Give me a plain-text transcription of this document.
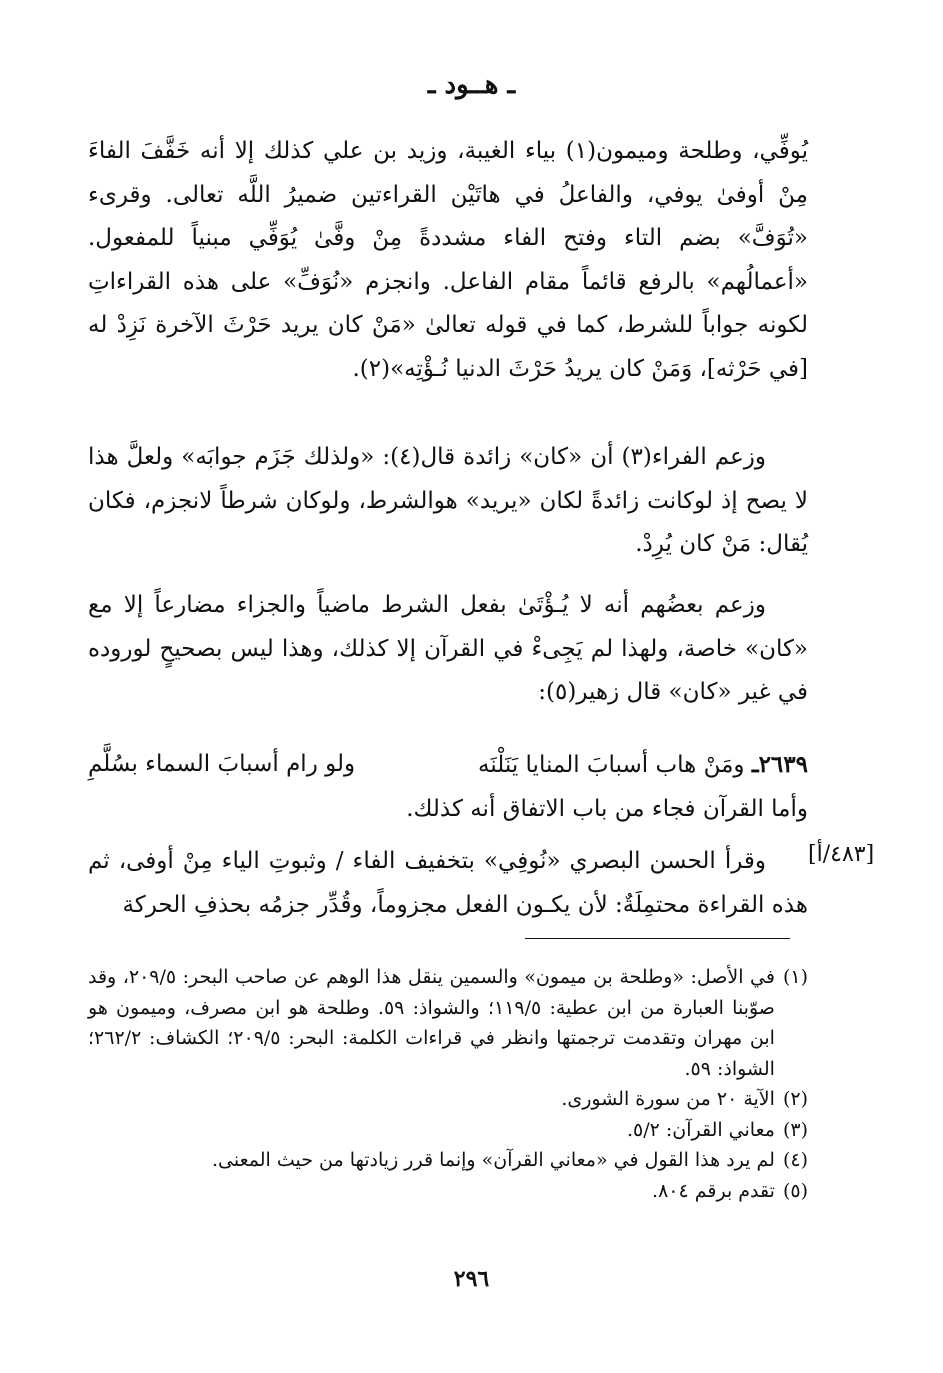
ـ هــود ـ

يُوفِّي، وطلحة وميمون(١) بياء الغيبة، وزيد بن علي كذلك إلا أنه خَفَّفَ الفاءَ مِنْ أوفىٰ يوفي، والفاعلُ في هاتَيْن القراءتين ضميرُ اللَّه تعالى. وقرىء «تُوَفَّ» بضم التاء وفتح الفاء مشددةً مِنْ وفَّىٰ يُوَفِّي مبنياً للمفعول. «أعمالُهم» بالرفع قائماً مقام الفاعل. وانجزم «نُوَفِّ» على هذه القراءاتِ لكونه جواباً للشرط، كما في قوله تعالىٰ «مَنْ كان يريد حَرْثَ الآخرة نَزِدْ له [في حَرْثه]، وَمَنْ كان يريدُ حَرْثَ الدنيا نُـؤْتِه»(٢).

وزعم الفراء(٣) أن «كان» زائدة قال(٤): «ولذلك جَزَم جوابَه» ولعلَّ هذا لا يصح إذ لوكانت زائدةً لكان «يريد» هوالشرط، ولوكان شرطاً لانجزم، فكان يُقال: مَنْ كان يُرِدْ.

وزعم بعضُهم أنه لا يُـؤْتَىٰ بفعل الشرط ماضياً والجزاء مضارعاً إلا مع «كان» خاصة، ولهذا لم يَجِىءْ في القرآن إلا كذلك، وهذا ليس بصحيحٍ لوروده في غير «كان» قال زهير(٥):

٢٦٣٩ـ ومَنْ هاب أسبابَ المنايا يَنَلْنَه
ولو رام أسبابَ السماء بسُلَّمِ

وأما القرآن فجاء من باب الاتفاق أنه كذلك.

[٤٨٣/أ]

وقرأ الحسن البصري «نُوفِي» بتخفيف الفاء / وثبوتِ الياء مِنْ أوفى، ثم هذه القراءة محتمِلَةٌ: لأن يكـون الفعل مجزوماً، وقُدِّر جزمُه بحذفِ الحركة

(١)
في الأصل: «وطلحة بن ميمون» والسمين ينقل هذا الوهم عن صاحب البحر: ٢٠٩/٥، وقد صوّبنا العبارة من ابن عطية: ١١٩/٥؛ والشواذ: ٥٩. وطلحة هو ابن مصرف، وميمون هو ابن مهران وتقدمت ترجمتها وانظر في قراءات الكلمة: البحر: ٢٠٩/٥؛ الكشاف: ٢٦٢/٢؛ الشواذ: ٥٩.
(٢)
الآية ٢٠ من سورة الشورى.
(٣)
معاني القرآن: ٥/٢.
(٤)
لم يرد هذا القول في «معاني القرآن» وإنما قرر زيادتها من حيث المعنى.
(٥)
تقدم برقم ٨٠٤.
٢٩٦
